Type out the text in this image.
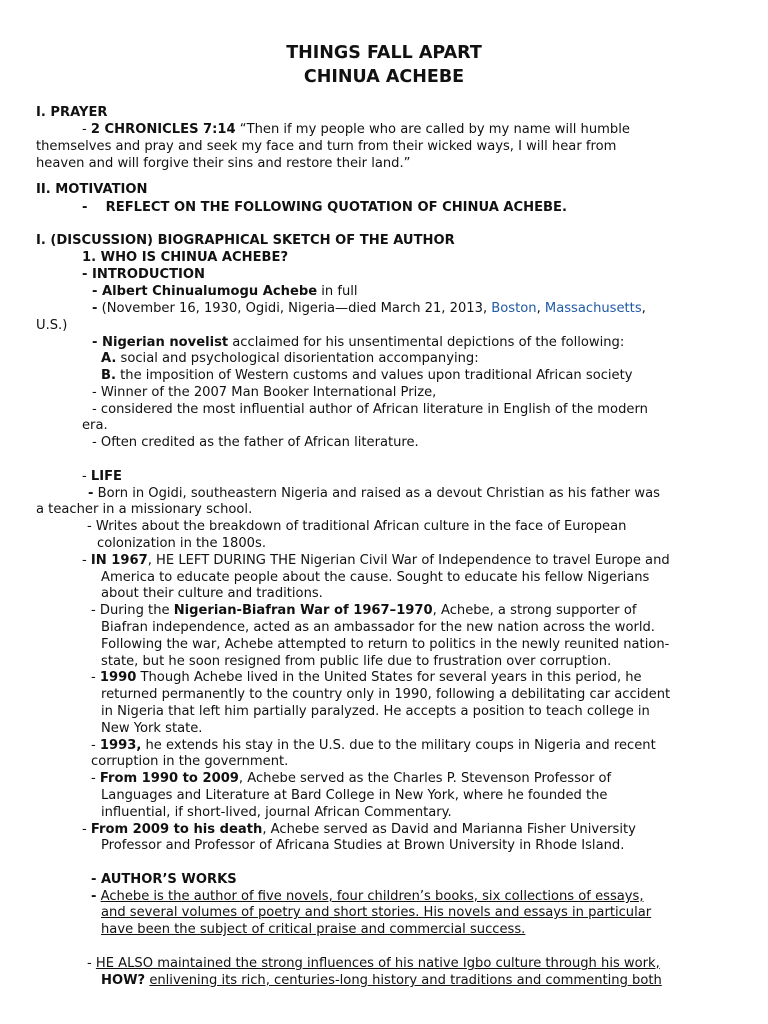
THINGS FALL APART
CHINUA ACHEBE
I. PRAYER
- 2 CHRONICLES 7:14 “Then if my people who are called by my name will humble
themselves and pray and seek my face and turn from their wicked ways, I will hear from
heaven and will forgive their sins and restore their land.”
II. MOTIVATION
-    REFLECT ON THE FOLLOWING QUOTATION OF CHINUA ACHEBE.
I. (DISCUSSION) BIOGRAPHICAL SKETCH OF THE AUTHOR
1. WHO IS CHINUA ACHEBE?
- INTRODUCTION
- Albert Chinualumogu Achebe in full
- (November 16, 1930, Ogidi, Nigeria—died March 21, 2013, Boston, Massachusetts,
U.S.)
- Nigerian novelist acclaimed for his unsentimental depictions of the following:
A. social and psychological disorientation accompanying:
B. the imposition of Western customs and values upon traditional African society
- Winner of the 2007 Man Booker International Prize,
- considered the most influential author of African literature in English of the modern
era.
- Often credited as the father of African literature.
- LIFE
- Born in Ogidi, southeastern Nigeria and raised as a devout Christian as his father was
a teacher in a missionary school.
- Writes about the breakdown of traditional African culture in the face of European
colonization in the 1800s.
- IN 1967, HE LEFT DURING THE Nigerian Civil War of Independence to travel Europe and
America to educate people about the cause. Sought to educate his fellow Nigerians
about their culture and traditions.
- During the Nigerian-Biafran War of 1967–1970, Achebe, a strong supporter of
Biafran independence, acted as an ambassador for the new nation across the world.
Following the war, Achebe attempted to return to politics in the newly reunited nation-
state, but he soon resigned from public life due to frustration over corruption.
- 1990 Though Achebe lived in the United States for several years in this period, he
returned permanently to the country only in 1990, following a debilitating car accident
in Nigeria that left him partially paralyzed. He accepts a position to teach college in
New York state.
- 1993, he extends his stay in the U.S. due to the military coups in Nigeria and recent
corruption in the government.
- From 1990 to 2009, Achebe served as the Charles P. Stevenson Professor of
Languages and Literature at Bard College in New York, where he founded the
influential, if short-lived, journal African Commentary.
- From 2009 to his death, Achebe served as David and Marianna Fisher University
Professor and Professor of Africana Studies at Brown University in Rhode Island.
- AUTHOR’S WORKS
- Achebe is the author of five novels, four children’s books, six collections of essays,
and several volumes of poetry and short stories. His novels and essays in particular
have been the subject of critical praise and commercial success.
- HE ALSO maintained the strong influences of his native Igbo culture through his work,
HOW? enlivening its rich, centuries-long history and traditions and commenting both
